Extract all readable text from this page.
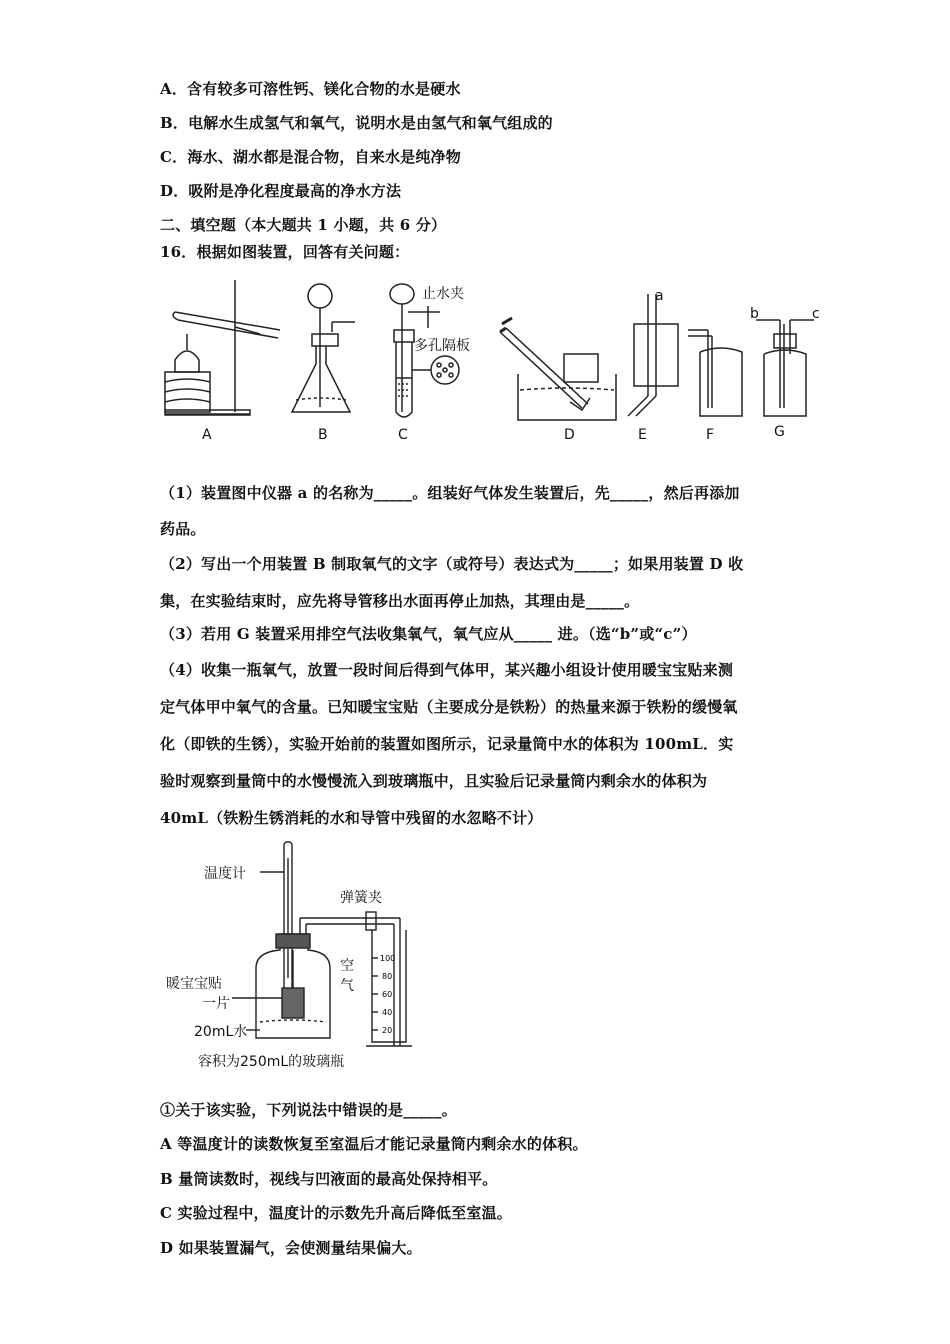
A．含有较多可溶性钙、镁化合物的水是硬水
B．电解水生成氢气和氧气，说明水是由氢气和氧气组成的
C．海水、湖水都是混合物，自来水是纯净物
D．吸附是净化程度最高的净水方法
二、填空题（本大题共 1 小题，共 6 分）
16．根据如图装置，回答有关问题：
A	B	C	D	E	F	G
止水夹
多孔隔板
a
b	c
（1）装置图中仪器 a 的名称为_____。组装好气体发生装置后，先_____，然后再添加
药品。
（2）写出一个用装置 B 制取氧气的文字（或符号）表达式为_____；如果用装置 D 收
集，在实验结束时，应先将导管移出水面再停止加热，其理由是_____。
（3）若用 G 装置采用排空气法收集氧气，氧气应从_____ 进。（选“b”或“c”）
（4）收集一瓶氧气，放置一段时间后得到气体甲，某兴趣小组设计使用暖宝宝贴来测
定气体甲中氧气的含量。已知暖宝宝贴（主要成分是铁粉）的热量来源于铁粉的缓慢氧
化（即铁的生锈），实验开始前的装置如图所示，记录量筒中水的体积为 100mL．实
验时观察到量筒中的水慢慢流入到玻璃瓶中，且实验后记录量筒内剩余水的体积为
40mL（铁粉生锈消耗的水和导管中残留的水忽略不计）
温度计
弹簧夹
暖宝宝贴
一片
空
气
20mL水
容积为250mL的玻璃瓶
100
80
60
40
20
①关于该实验，下列说法中错误的是_____。
A 等温度计的读数恢复至室温后才能记录量筒内剩余水的体积。
B 量筒读数时，视线与凹液面的最高处保持相平。
C 实验过程中，温度计的示数先升高后降低至室温。
D 如果装置漏气，会使测量结果偏大。
